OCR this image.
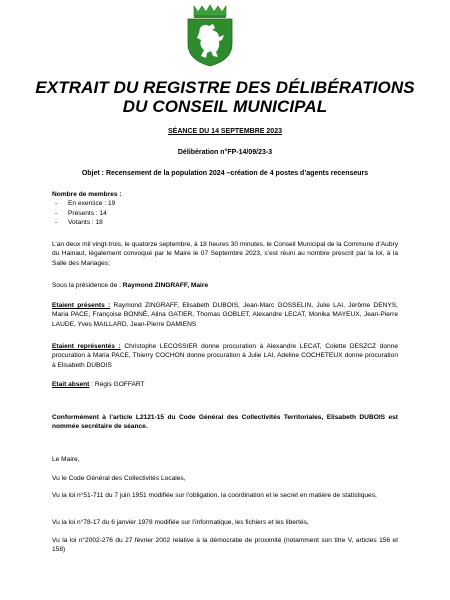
EXTRAIT DU REGISTRE DES DÉLIBÉRATIONS
DU CONSEIL MUNICIPAL
SÉANCE DU 14 SEPTEMBRE 2023
Délibération n°FP-14/09/23-3
Objet : Recensement de la population 2024 –création de 4 postes d’agents recenseurs
Nombre de membres :
- En exercice : 19
- Présents : 14
- Votants : 18
L’an deux mil vingt-trois, le quatorze septembre, à 18 heures 30 minutes, le Conseil Municipal de la Commune d’Aubry du Hainaut, légalement convoqué par le Maire le 07 Septembre 2023, s’est réuni au nombre prescrit par la loi, à la Salle des Mariages;
Sous la présidence de : Raymond ZINGRAFF, Maire
Etaient présents : Raymond ZINGRAFF, Elisabeth DUBOIS, Jean-Marc GOSSELIN, Julie LAI, Jérôme DENYS, Maria PACE, Françoise BONNÉ, Alina GATIER, Thomas GOBLET, Alexandre LECAT, Monika MAYEUX, Jean-Pierre LAUDE, Yves MAILLARD, Jean-Pierre DAMIENS
Etaient représentés : Christophe LECOSSIER donne procuration à Alexandre LECAT, Colette DESZCZ donne procuration à Maria PACE, Thierry COCHON donne procuration à Julie LAI, Adeline COCHETEUX donne procuration à Elisabeth DUBOIS
Etait absent : Régis GOFFART
Conformément à l’article L2121-15 du Code Général des Collectivités Territoriales, Elisabeth DUBOIS est nommée secrétaire de séance.
Le Maire,
Vu le Code Général des Collectivités Locales,
Vu la loi n°51-711 du 7 juin 1951 modifiée sur l’obligation, la coordination et le secret en matière de statistiques,
Vu la loi n°78-17 du 6 janvier 1978 modifiée sur l’informatique, les fichiers et les libertés,
Vu la loi n°2002-276 du 27 février 2002 relative à la démocratie de proximité (notamment son titre V, articles 156 et 158)
